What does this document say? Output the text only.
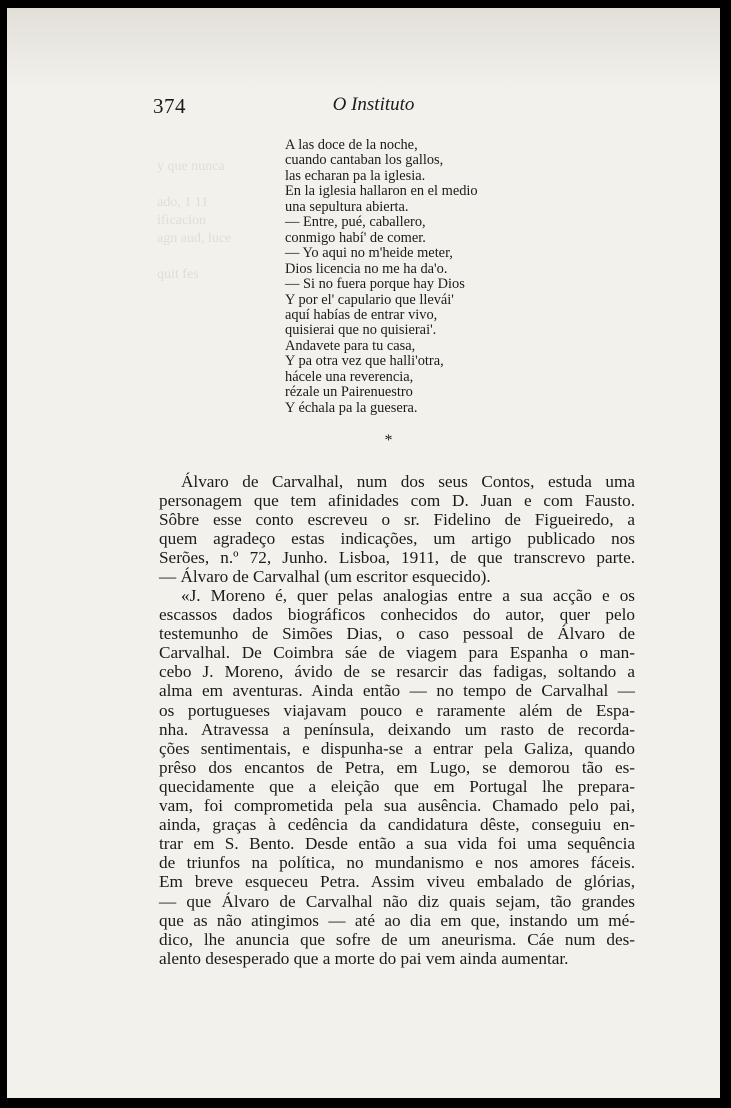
y que nunca
ado, 1 11
ificacion
agn aud, luce
quit fes
374	O Instituto
A las doce de la noche,
cuando cantaban los gallos,
las echaran pa la iglesia.
En la iglesia hallaron en el medio
una sepultura abierta.
— Entre, pué, caballero,
conmigo habí' de comer.
— Yo aqui no m'heide meter,
Dios licencia no me ha da'o.
— Si no fuera porque hay Dios
Y por el' capulario que llevái'
aquí habías de entrar vivo,
quisierai que no quisierai'.
Andavete para tu casa,
Y pa otra vez que halli'otra,
hácele una reverencia,
rézale un Pairenuestro
Y échala pa la guesera.
*
Álvaro de Carvalhal, num dos seus Contos, estuda uma
personagem que tem afinidades com D. Juan e com Fausto.
Sôbre esse conto escreveu o sr. Fidelino de Figueiredo, a
quem agradeço estas indicações, um artigo publicado nos
Serões, n.º 72, Junho. Lisboa, 1911, de que transcrevo parte.
— Álvaro de Carvalhal (um escritor esquecido).
«J. Moreno é, quer pelas analogias entre a sua acção e os
escassos dados biográficos conhecidos do autor, quer pelo
testemunho de Simões Dias, o caso pessoal de Álvaro de
Carvalhal. De Coimbra sáe de viagem para Espanha o man-
cebo J. Moreno, ávido de se resarcir das fadigas, soltando a
alma em aventuras. Ainda então — no tempo de Carvalhal —
os portugueses viajavam pouco e raramente além de Espa-
nha. Atravessa a península, deixando um rasto de recorda-
ções sentimentais, e dispunha-se a entrar pela Galiza, quando
prêso dos encantos de Petra, em Lugo, se demorou tão es-
quecidamente que a eleição que em Portugal lhe prepara-
vam, foi comprometida pela sua ausência. Chamado pelo pai,
ainda, graças à cedência da candidatura dêste, conseguiu en-
trar em S. Bento. Desde então a sua vida foi uma sequência
de triunfos na política, no mundanismo e nos amores fáceis.
Em breve esqueceu Petra. Assim viveu embalado de glórias,
— que Álvaro de Carvalhal não diz quais sejam, tão grandes
que as não atingimos — até ao dia em que, instando um mé-
dico, lhe anuncia que sofre de um aneurisma. Cáe num des-
alento desesperado que a morte do pai vem ainda aumentar.
